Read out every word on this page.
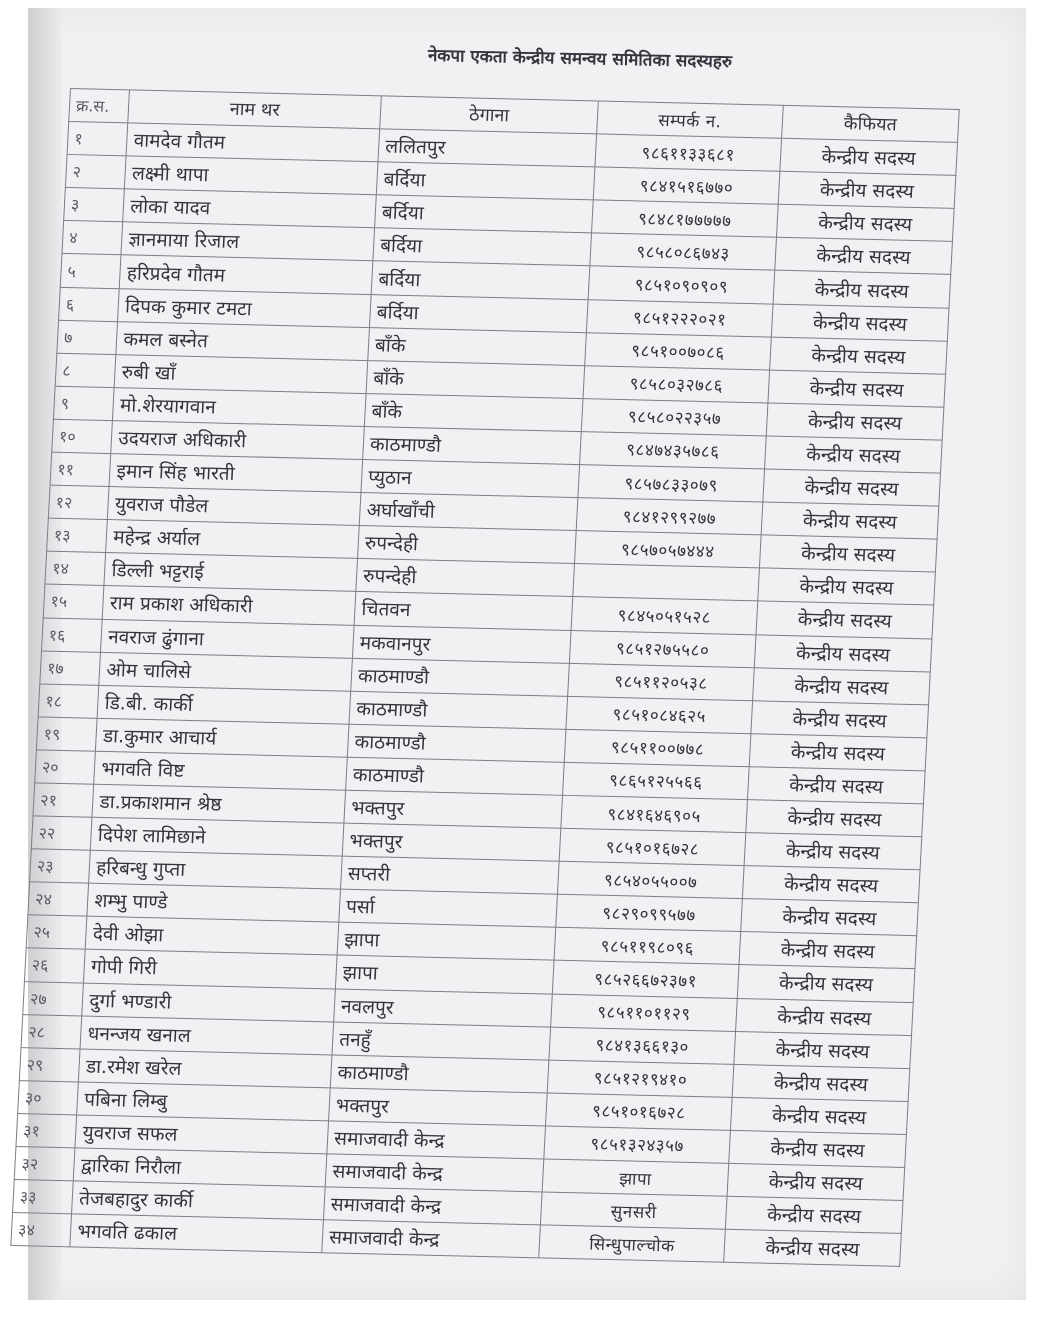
नेकपा एकता केन्द्रीय समन्वय समितिका सदस्यहरु
क्र.स.	नाम थर	ठेगाना	सम्पर्क न.	कैफियत
१	वामदेव गौतम	ललितपुर	९८६११३३६८१	केन्द्रीय सदस्य
२	लक्ष्मी थापा	बर्दिया	९८४१५१६७७०	केन्द्रीय सदस्य
३	लोका यादव	बर्दिया	९८४८१७७७७७	केन्द्रीय सदस्य
४	ज्ञानमाया रिजाल	बर्दिया	९८५८०८६७४३	केन्द्रीय सदस्य
५	हरिप्रदेव गौतम	बर्दिया	९८५१०९०९०९	केन्द्रीय सदस्य
६	दिपक कुमार टमटा	बर्दिया	९८५१२२२०२१	केन्द्रीय सदस्य
७	कमल बस्नेत	बाँके	९८५१००७०८६	केन्द्रीय सदस्य
८	रुबी खाँ	बाँके	९८५८०३२७८६	केन्द्रीय सदस्य
९	मो.शेरयागवान	बाँके	९८५८०२२३५७	केन्द्रीय सदस्य
१०	उदयराज अधिकारी	काठमाण्डौ	९८४७४३५७८६	केन्द्रीय सदस्य
११	इमान सिंह भारती	प्युठान	९८५७८३३०७९	केन्द्रीय सदस्य
१२	युवराज पौडेल	अर्घाखाँची	९८४१२९९२७७	केन्द्रीय सदस्य
१३	महेन्द्र अर्याल	रुपन्देही	९८५७०५७४४४	केन्द्रीय सदस्य
१४	डिल्ली भट्टराई	रुपन्देही		केन्द्रीय सदस्य
१५	राम प्रकाश अधिकारी	चितवन	९८४५०५१५२८	केन्द्रीय सदस्य
१६	नवराज ढुंगाना	मकवानपुर	९८५१२७५५८०	केन्द्रीय सदस्य
१७	ओम चालिसे	काठमाण्डौ	९८५११२०५३८	केन्द्रीय सदस्य
१८	डि.बी. कार्की	काठमाण्डौ	९८५१०८४६२५	केन्द्रीय सदस्य
१९	डा.कुमार आचार्य	काठमाण्डौ	९८५११००७७८	केन्द्रीय सदस्य
२०	भगवति विष्ट	काठमाण्डौ	९८६५१२५५६६	केन्द्रीय सदस्य
२१	डा.प्रकाशमान श्रेष्ठ	भक्तपुर	९८४१६४६९०५	केन्द्रीय सदस्य
२२	दिपेश लामिछाने	भक्तपुर	९८५१०१६७२८	केन्द्रीय सदस्य
२३	हरिबन्धु गुप्ता	सप्तरी	९८५४०५५००७	केन्द्रीय सदस्य
२४	शम्भु पाण्डे	पर्सा	९८२९०९९५७७	केन्द्रीय सदस्य
२५	देवी ओझा	झापा	९८५११९८०९६	केन्द्रीय सदस्य
२६	गोपी गिरी	झापा	९८५२६६७२३७१	केन्द्रीय सदस्य
२७	दुर्गा भण्डारी	नवलपुर	९८५११०११२९	केन्द्रीय सदस्य
२८	धनन्जय खनाल	तनहुँ	९८४१३६६१३०	केन्द्रीय सदस्य
२९	डा.रमेश खरेल	काठमाण्डौ	९८५१२१९४१०	केन्द्रीय सदस्य
३०	पबिना लिम्बु	भक्तपुर	९८५१०१६७२८	केन्द्रीय सदस्य
३१	युवराज सफल	समाजवादी केन्द्र	९८५१३२४३५७	केन्द्रीय सदस्य
३२	द्वारिका निरौला	समाजवादी केन्द्र	झापा	केन्द्रीय सदस्य
३३	तेजबहादुर कार्की	समाजवादी केन्द्र	सुनसरी	केन्द्रीय सदस्य
३४	भगवति ढकाल	समाजवादी केन्द्र	सिन्धुपाल्चोक	केन्द्रीय सदस्य
